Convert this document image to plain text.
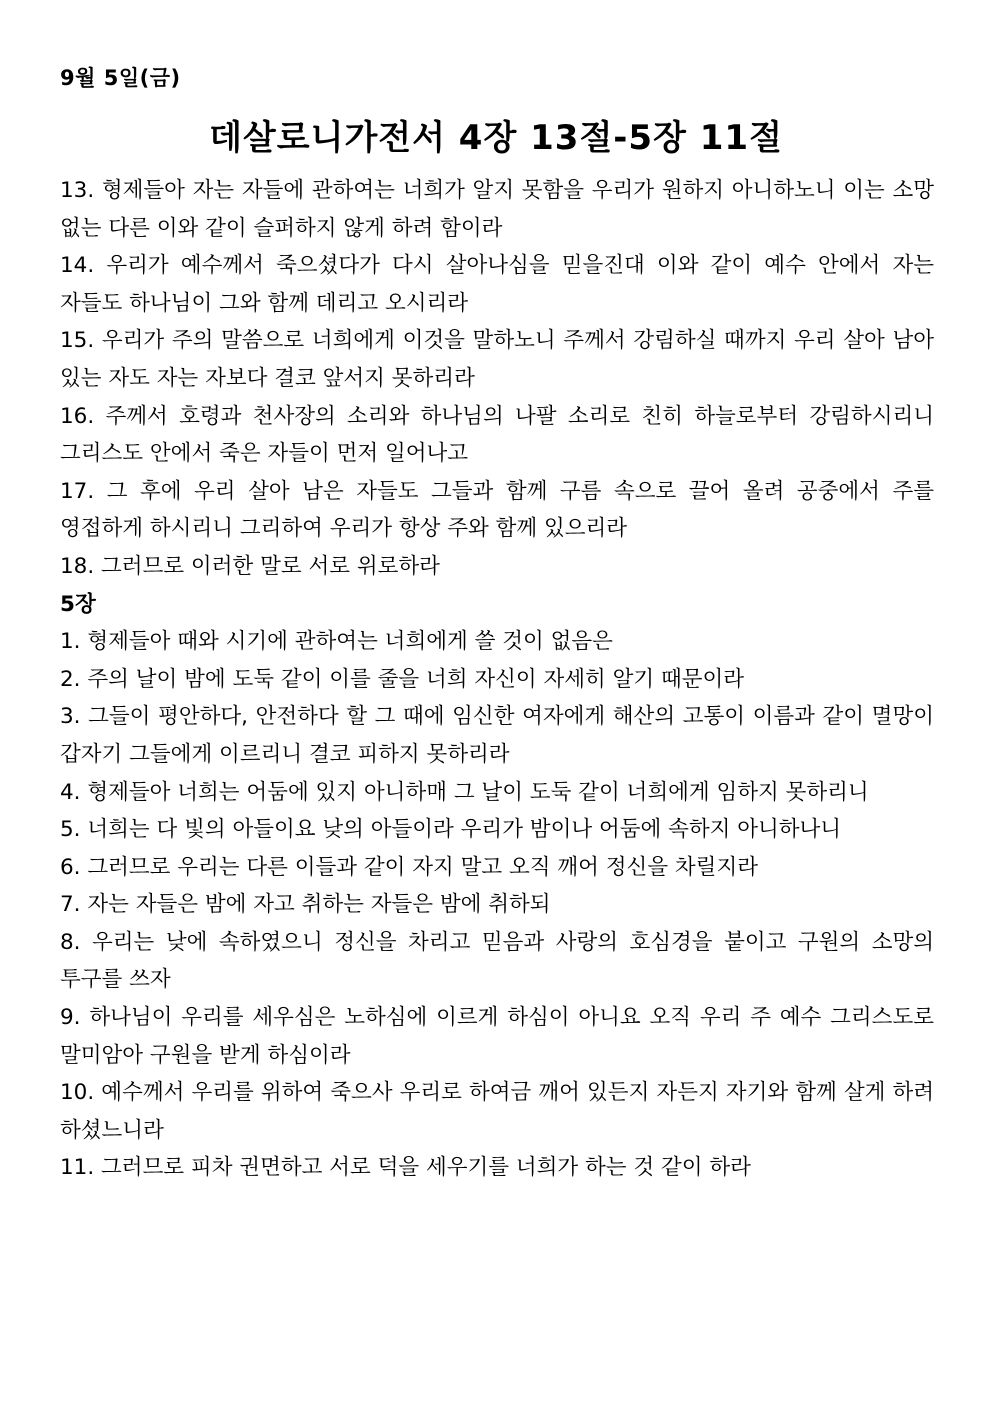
9월 5일(금)
데살로니가전서 4장 13절-5장 11절
13. 형제들아 자는 자들에 관하여는 너희가 알지 못함을 우리가 원하지 아니하노니 이는 소망 없는 다른 이와 같이 슬퍼하지 않게 하려 함이라
14. 우리가 예수께서 죽으셨다가 다시 살아나심을 믿을진대 이와 같이 예수 안에서 자는 자들도 하나님이 그와 함께 데리고 오시리라
15. 우리가 주의 말씀으로 너희에게 이것을 말하노니 주께서 강림하실 때까지 우리 살아 남아 있는 자도 자는 자보다 결코 앞서지 못하리라
16. 주께서 호령과 천사장의 소리와 하나님의 나팔 소리로 친히 하늘로부터 강림하시리니 그리스도 안에서 죽은 자들이 먼저 일어나고
17. 그 후에 우리 살아 남은 자들도 그들과 함께 구름 속으로 끌어 올려 공중에서 주를 영접하게 하시리니 그리하여 우리가 항상 주와 함께 있으리라
18. 그러므로 이러한 말로 서로 위로하라
5장
1. 형제들아 때와 시기에 관하여는 너희에게 쓸 것이 없음은
2. 주의 날이 밤에 도둑 같이 이를 줄을 너희 자신이 자세히 알기 때문이라
3. 그들이 평안하다, 안전하다 할 그 때에 임신한 여자에게 해산의 고통이 이름과 같이 멸망이 갑자기 그들에게 이르리니 결코 피하지 못하리라
4. 형제들아 너희는 어둠에 있지 아니하매 그 날이 도둑 같이 너희에게 임하지 못하리니
5. 너희는 다 빛의 아들이요 낮의 아들이라 우리가 밤이나 어둠에 속하지 아니하나니
6. 그러므로 우리는 다른 이들과 같이 자지 말고 오직 깨어 정신을 차릴지라
7. 자는 자들은 밤에 자고 취하는 자들은 밤에 취하되
8. 우리는 낮에 속하였으니 정신을 차리고 믿음과 사랑의 호심경을 붙이고 구원의 소망의 투구를 쓰자
9. 하나님이 우리를 세우심은 노하심에 이르게 하심이 아니요 오직 우리 주 예수 그리스도로 말미암아 구원을 받게 하심이라
10. 예수께서 우리를 위하여 죽으사 우리로 하여금 깨어 있든지 자든지 자기와 함께 살게 하려 하셨느니라
11. 그러므로 피차 권면하고 서로 덕을 세우기를 너희가 하는 것 같이 하라
